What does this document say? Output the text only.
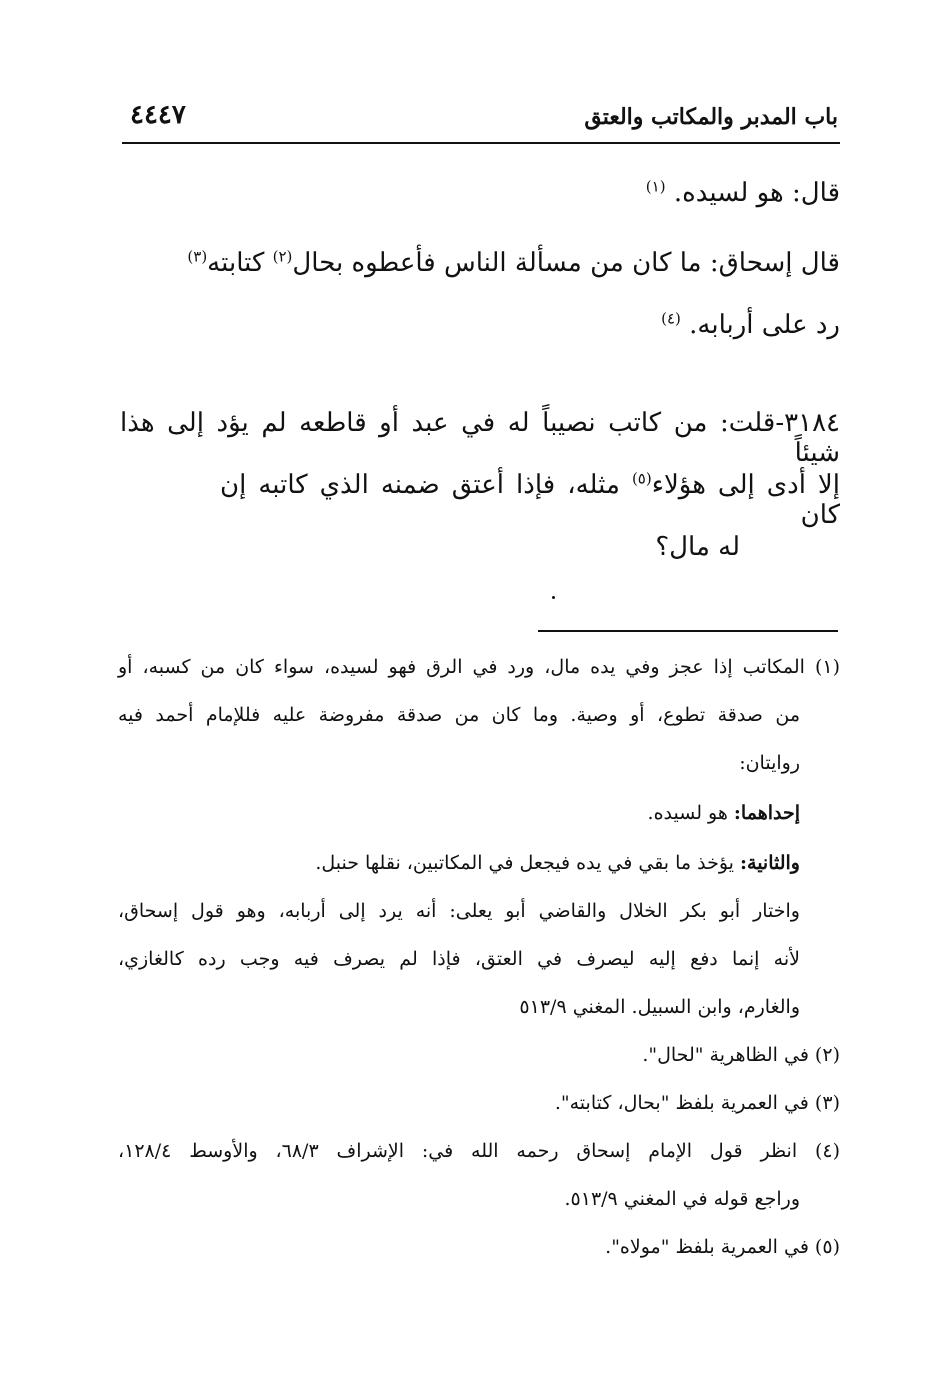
باب المدبر والمكاتب والعتق
٤٤٤٧
قال: هو لسيده. $^{(١)}$
قال إسحاق: ما كان من مسألة الناس فأعطوه بحال$^{(٢)}$ كتابته$^{(٣)}$
رد على أربابه. $^{(٤)}$
٣١٨٤-قلت: من كاتب نصيباً له في عبد أو قاطعه لم يؤد إلى هذا شيئاً
إلا أدى إلى هؤلاء$^{(٥)}$ مثله، فإذا أعتق ضمنه الذي كاتبه إن كان
له مال؟
(١) المكاتب إذا عجز وفي يده مال، ورد في الرق فهو لسيده، سواء كان من كسبه، أو
من صدقة تطوع، أو وصية. وما كان من صدقة مفروضة عليه فللإمام أحمد فيه
روايتان:
إحداهما: هو لسيده.
والثانية: يؤخذ ما بقي في يده فيجعل في المكاتبين، نقلها حنبل.
واختار أبو بكر الخلال والقاضي أبو يعلى: أنه يرد إلى أربابه، وهو قول إسحاق،
لأنه إنما دفع إليه ليصرف في العتق، فإذا لم يصرف فيه وجب رده كالغازي،
والغارم، وابن السبيل. المغني ٥١٣/٩
(٢) في الظاهرية "لحال".
(٣) في العمرية بلفظ "بحال، كتابته".
(٤) انظر قول الإمام إسحاق رحمه الله في: الإشراف ٦٨/٣، والأوسط ١٢٨/٤،
وراجع قوله في المغني ٥١٣/٩.
(٥) في العمرية بلفظ "مولاه".
